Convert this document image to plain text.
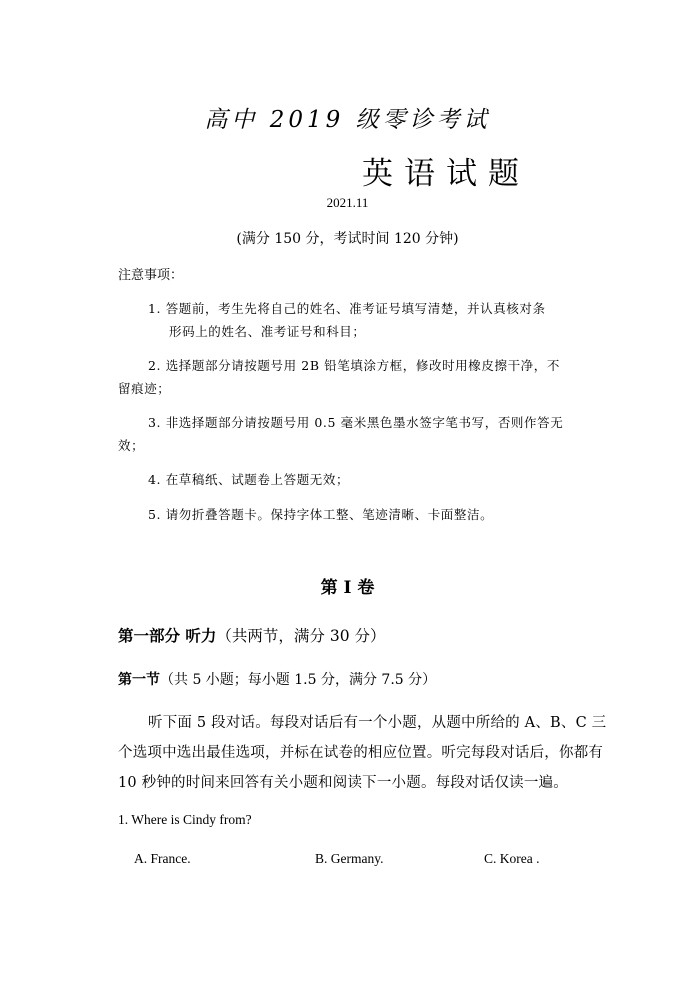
高中 2019 级零诊考试
英语试题
2021.11
(满分 150 分，考试时间 120 分钟)
注意事项：
1. 答题前，考生先将自己的姓名、准考证号填写清楚，并认真核对条
形码上的姓名、准考证号和科目；
2. 选择题部分请按题号用 2B 铅笔填涂方框，修改时用橡皮擦干净，不
留痕迹；
3. 非选择题部分请按题号用 0.5 毫米黑色墨水签字笔书写，否则作答无
效；
4. 在草稿纸、试题卷上答题无效；
5. 请勿折叠答题卡。保持字体工整、笔迹清晰、卡面整洁。
第 I 卷
第一部分 听力（共两节，满分 30 分）
第一节（共 5 小题；每小题 1.5 分，满分 7.5 分）
听下面 5 段对话。每段对话后有一个小题，从题中所给的 A、B、C 三
个选项中选出最佳选项，并标在试卷的相应位置。听完每段对话后，你都有
10 秒钟的时间来回答有关小题和阅读下一小题。每段对话仅读一遍。
1. Where is Cindy from?
A. France.	B. Germany.	C. Korea .
